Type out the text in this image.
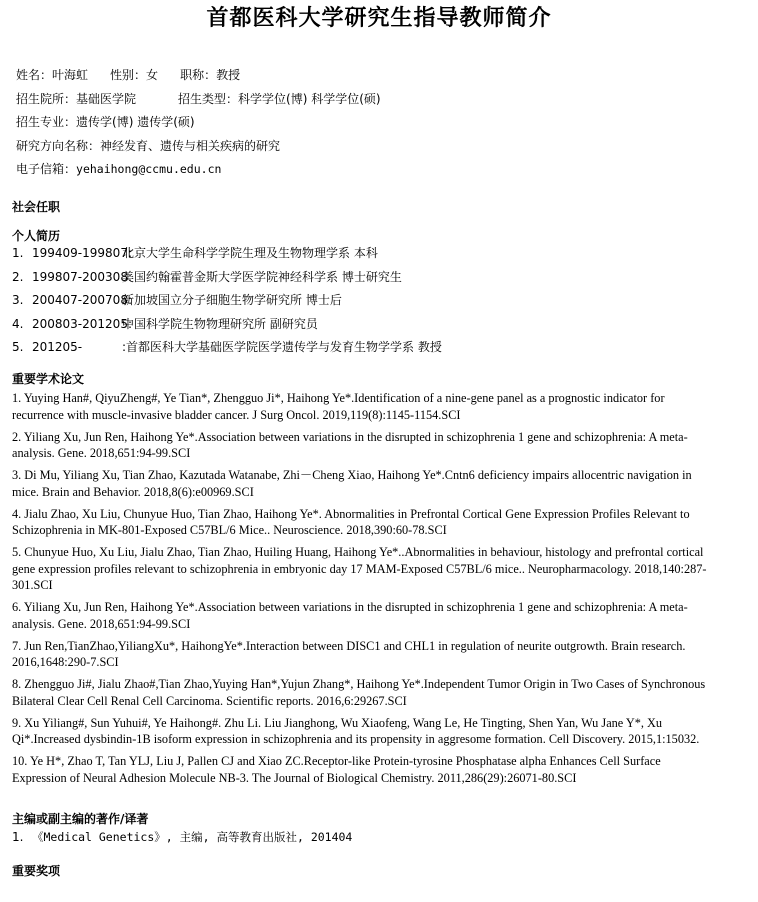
首都医科大学研究生指导教师简介
姓名：叶海虹 性别：女 职称：教授
招生院所：基础医学院	招生类型：科学学位(博) 科学学位(硕)
招生专业：遗传学(博) 遗传学(硕)
研究方向名称：神经发育、遗传与相关疾病的研究
电子信箱：yehaihong@ccmu.edu.cn
社会任职
个人简历
1. 199409-199807:北京大学生命科学学院生理及生物物理学系 本科
2. 199807-200308:美国约翰霍普金斯大学医学院神经科学系 博士研究生
3. 200407-200708:新加坡国立分子细胞生物学研究所 博士后
4. 200803-201205:中国科学院生物物理研究所 副研究员
5. 201205-	:首都医科大学基础医学院医学遗传学与发育生物学学系 教授
重要学术论文
1. Yuying Han#, QiyuZheng#, Ye Tian*, Zhengguo Ji*, Haihong Ye*.Identification of a nine-gene panel as a prognostic indicator for recurrence with muscle-invasive bladder cancer. J Surg Oncol. 2019,119(8):1145-1154.SCI
2. Yiliang Xu, Jun Ren, Haihong Ye*.Association between variations in the disrupted in schizophrenia 1 gene and schizophrenia: A meta-analysis. Gene. 2018,651:94-99.SCI
3. Di Mu, Yiliang Xu, Tian Zhao, Kazutada Watanabe, Zhi－Cheng Xiao, Haihong Ye*.Cntn6 deficiency impairs allocentric navigation in mice. Brain and Behavior. 2018,8(6):e00969.SCI
4. Jialu Zhao, Xu Liu, Chunyue Huo, Tian Zhao, Haihong Ye*. Abnormalities in Prefrontal Cortical Gene Expression Profiles Relevant to Schizophrenia in MK-801-Exposed C57BL/6 Mice.. Neuroscience. 2018,390:60-78.SCI
5. Chunyue Huo, Xu Liu, Jialu Zhao, Tian Zhao, Huiling Huang, Haihong Ye*..Abnormalities in behaviour, histology and prefrontal cortical gene expression profiles relevant to schizophrenia in embryonic day 17 MAM-Exposed C57BL/6 mice.. Neuropharmacology. 2018,140:287-301.SCI
6. Yiliang Xu, Jun Ren, Haihong Ye*.Association between variations in the disrupted in schizophrenia 1 gene and schizophrenia: A meta-analysis. Gene. 2018,651:94-99.SCI
7. Jun Ren,TianZhao,YiliangXu*, HaihongYe*.Interaction between DISC1 and CHL1 in regulation of neurite outgrowth. Brain research. 2016,1648:290-7.SCI
8. Zhengguo Ji#, Jialu Zhao#,Tian Zhao,Yuying Han*,Yujun Zhang*, Haihong Ye*.Independent Tumor Origin in Two Cases of Synchronous Bilateral Clear Cell Renal Cell Carcinoma. Scientific reports. 2016,6:29267.SCI
9. Xu Yiliang#, Sun Yuhui#, Ye Haihong#. Zhu Li. Liu Jianghong, Wu Xiaofeng, Wang Le, He Tingting, Shen Yan, Wu Jane Y*, Xu Qi*.Increased dysbindin-1B isoform expression in schizophrenia and its propensity in aggresome formation. Cell Discovery. 2015,1:15032.
10. Ye H*, Zhao T, Tan YLJ, Liu J, Pallen CJ and Xiao ZC.Receptor-like Protein-tyrosine Phosphatase alpha Enhances Cell Surface Expression of Neural Adhesion Molecule NB-3. The Journal of Biological Chemistry. 2011,286(29):26071-80.SCI
主编或副主编的著作/译著
1. 《Medical Genetics》, 主编, 高等教育出版社, 201404
重要奖项
